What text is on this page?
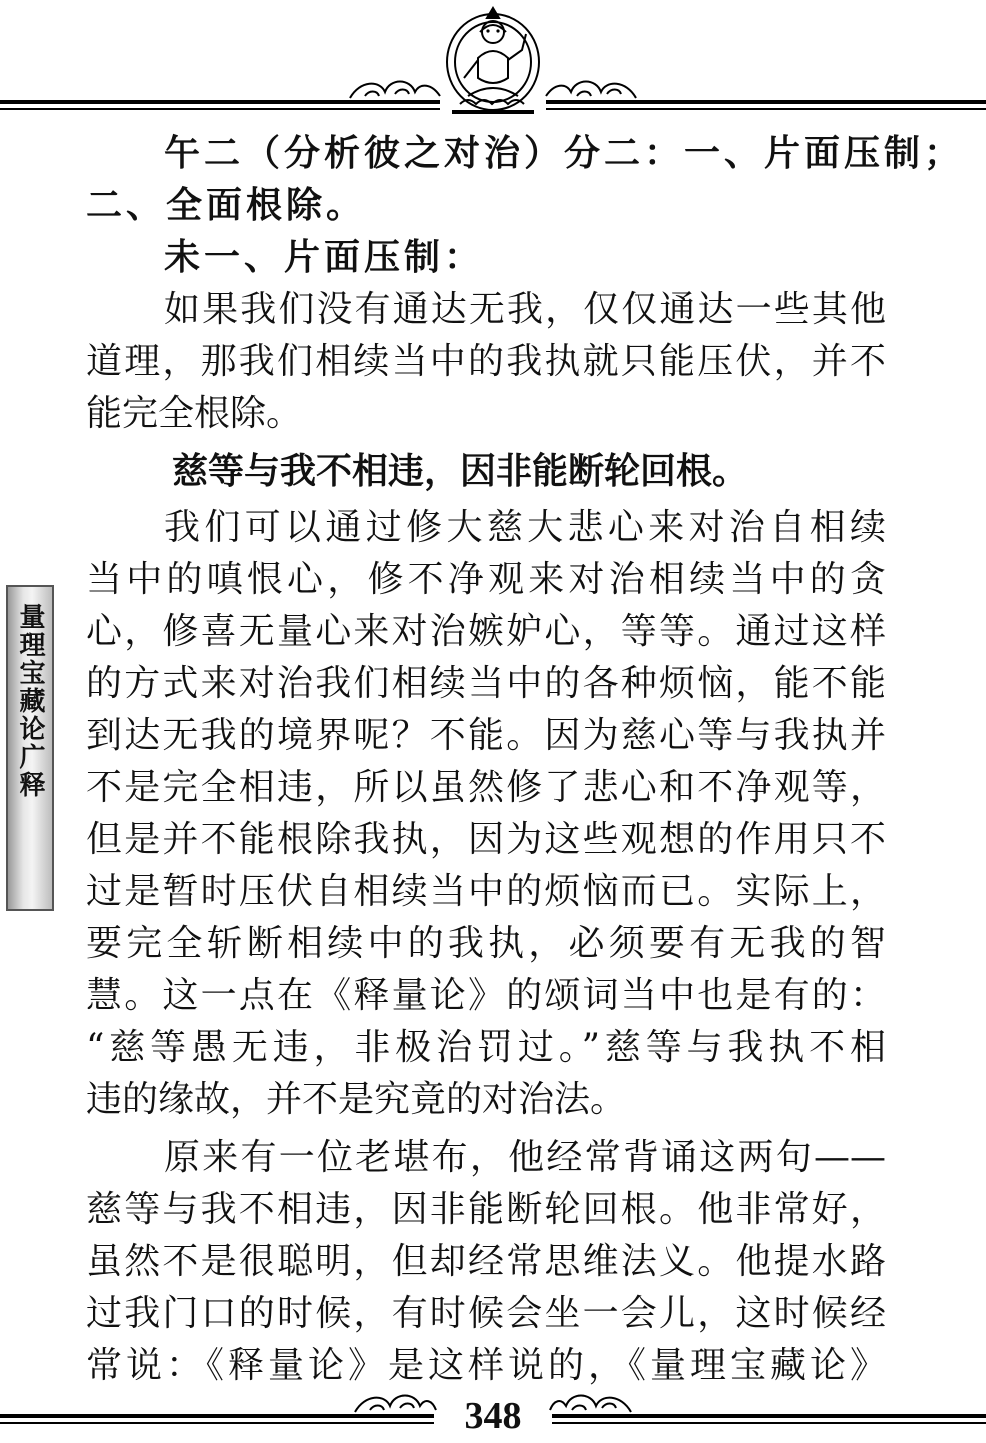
量理宝藏论广释
午二（分析彼之对治）分二：一、片面压制；
二、全面根除。
未一、片面压制：
如果我们没有通达无我，仅仅通达一些其他
道理，那我们相续当中的我执就只能压伏，并不
能完全根除。
慈等与我不相违，因非能断轮回根。
我们可以通过修大慈大悲心来对治自相续
当中的嗔恨心，修不净观来对治相续当中的贪
心，修喜无量心来对治嫉妒心，等等。通过这样
的方式来对治我们相续当中的各种烦恼，能不能
到达无我的境界呢？不能。因为慈心等与我执并
不是完全相违，所以虽然修了悲心和不净观等，
但是并不能根除我执，因为这些观想的作用只不
过是暂时压伏自相续当中的烦恼而已。实际上，
要完全斩断相续中的我执，必须要有无我的智
慧。这一点在《释量论》的颂词当中也是有的：
“慈等愚无违，非极治罚过。”慈等与我执不相
违的缘故，并不是究竟的对治法。
原来有一位老堪布，他经常背诵这两句——
慈等与我不相违，因非能断轮回根。他非常好，
虽然不是很聪明，但却经常思维法义。他提水路
过我门口的时候，有时候会坐一会儿，这时候经
常说：《释量论》是这样说的，《量理宝藏论》
348
